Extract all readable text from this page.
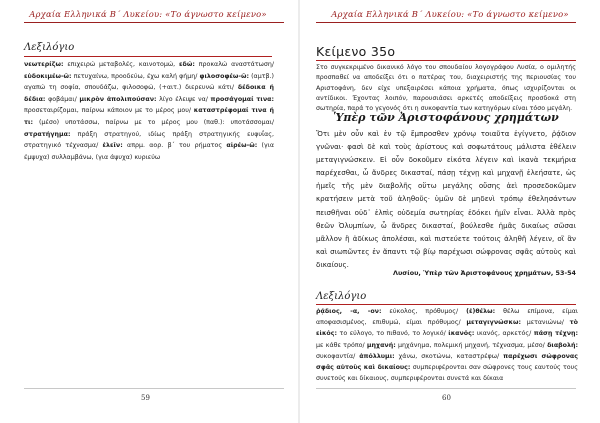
Αρχαία Ελληνικά Β΄ Λυκείου: «Το άγνωστο κείμενο»
Λεξιλόγιο
νεωτερίζω: επιχειρώ μεταβολές, καινοτομώ, εδώ: προκαλώ αναστάτωση/ εὐδοκιμέω-ῶ: πετυχαίνω, προοδεύω, έχω καλή φήμη/ φιλοσοφέω-ῶ: (αμτβ.) αγαπώ τη σοφία, σπουδάζω, φιλοσοφώ, (+αιτ.) διερευνώ κάτι/ δέδοικα ή δέδια: φοβάμαι/ μικρὸν ἀπολιπούσαν: λίγο έλειψε να/ προσάγομαί τινα: προσεταιρίζομαι, παίρνω κάποιον με το μέρος μου/ καταστρέφομαί τινα ή τι: (μέσο) υποτάσσω, παίρνω με το μέρος μου (παθ.): υποτάσσομαι/ στρατήγημα: πράξη στρατηγού, ιδίως πράξη στρατηγικής ευφυΐας, στρατηγικό τέχνασμα/ ἑλεῖν: απρμ. αορ. β΄ του ρήματος αἱρέω-ῶ: (για έμψυχα) συλλαμβάνω, (για άψυχα) κυριεύω
59
Αρχαία Ελληνικά Β΄ Λυκείου: «Το άγνωστο κείμενο»
Κείμενο 35ο
Στο συγκεκριμένο δικανικό λόγο του σπουδαίου λογογράφου Λυσία, ο ομιλητής προσπαθεί να αποδείξει ότι ο πατέρας του, διαχειριστής της περιουσίας του Αριστοφάνη, δεν είχε υπεξαιρέσει κάποια χρήματα, όπως ισχυρίζονται οι αντίδικοι. Έχοντας λοιπόν, παρουσιάσει αρκετές αποδείξεις προσδοκά στη σωτηρία, παρά το γεγονός ότι η συκοφαντία των κατηγόρων είναι τόσο μεγάλη.
Ὑπὲρ τῶν Ἀριστοφάνους χρημάτων
Ὅτι μὲν οὖν καὶ ἐν τῷ ἔμπροσθεν χρόνῳ τοιαῦτα ἐγίγνετο, ῥᾴδιον γνῶναι· φασὶ δὲ καὶ τοὺς ἀρίστους καὶ σοφωτάτους μάλιστα ἐθέλειν μεταγιγνώσκειν. Εἰ οὖν δοκοῦμεν εἰκότα λέγειν καὶ ἱκανὰ τεκμήρια παρέχεσθαι, ὦ ἄνδρες δικασταί, πάσῃ τέχνῃ καὶ μηχανῇ ἐλεήσατε, ὡς ἡμεῖς τῆς μὲν διαβολῆς οὕτω μεγάλης οὔσης ἀεὶ προσεδοκῶμεν κρατήσειν μετὰ τοῦ ἀληθοῦς· ὑμῶν δὲ μηδενὶ τρόπῳ ἐθελησάντων πεισθῆναι οὐδ᾽ ἐλπὶς οὐδεμία σωτηρίας ἐδόκει ἡμῖν εἶναι. Ἀλλὰ πρὸς θεῶν Ὀλυμπίων, ὦ ἄνδρες δικασταί, βούλεσθε ἡμᾶς δικαίως σῶσαι μᾶλλον ἢ ἀδίκως ἀπολέσαι, καὶ πιστεύετε τούτοις ἀληθῆ λέγειν, οἳ ἂν καὶ σιωπῶντες ἐν ἅπαντι τῷ βίῳ παρέχωσι σώφρονας σφᾶς αὐτοὺς καὶ δικαίους.
Λυσίου, Ὑπὲρ τῶν Ἀριστοφάνους χρημάτων, 53-54
Λεξιλόγιο
ῥᾴδιος, -α, -ον: εύκολος, πρόθυμος/ (ἐ)θέλω: θέλω επίμονα, είμαι αποφασισμένος, επιθυμώ, είμαι πρόθυμος/ μεταγιγνώσκω: μετανιώνω/ τὸ εἰκός: το εύλογο, το πιθανό, το λογικό/ ἱκανός: ικανός, αρκετός/ πάσῃ τέχνῃ: με κάθε τρόπο/ μηχανή: μηχάνημα, πολεμική μηχανή, τέχνασμα, μέσο/ διαβολή: συκοφαντία/ ἀπόλλυμι: χάνω, σκοτώνω, καταστρέφω/ παρέχωσι σώφρονας σφᾶς αὐτοὺς καὶ δικαίους: συμπεριφέρονται σαν σώφρονες τους εαυτούς τους συνετούς και δίκαιους, συμπεριφέρονται συνετά και δίκαια
60
